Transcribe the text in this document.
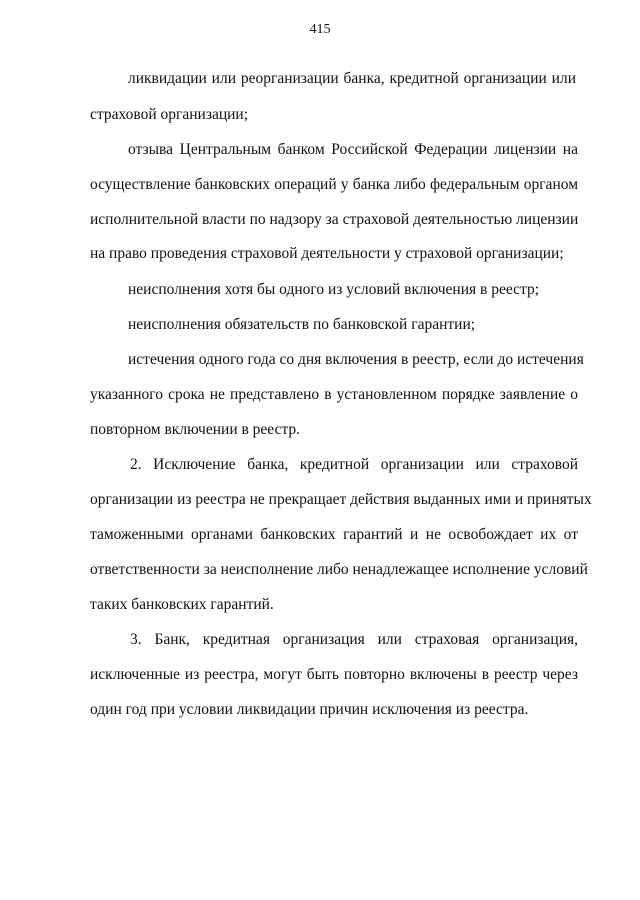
415
ликвидации или реорганизации банка, кредитной организации или
страховой организации;
отзыва Центральным банком Российской Федерации лицензии на
осуществление банковских операций у банка либо федеральным органом
исполнительной власти по надзору за страховой деятельностью лицензии
на право проведения страховой деятельности у страховой организации;
неисполнения хотя бы одного из условий включения в реестр;
неисполнения обязательств по банковской гарантии;
истечения одного года со дня включения в реестр, если до истечения
указанного срока не представлено в установленном порядке заявление о
повторном включении в реестр.
2. Исключение банка, кредитной организации или страховой
организации из реестра не прекращает действия выданных ими и принятых
таможенными органами банковских гарантий и не освобождает их от
ответственности за неисполнение либо ненадлежащее исполнение условий
таких банковских гарантий.
3. Банк, кредитная организация или страховая организация,
исключенные из реестра, могут быть повторно включены в реестр через
один год при условии ликвидации причин исключения из реестра.
